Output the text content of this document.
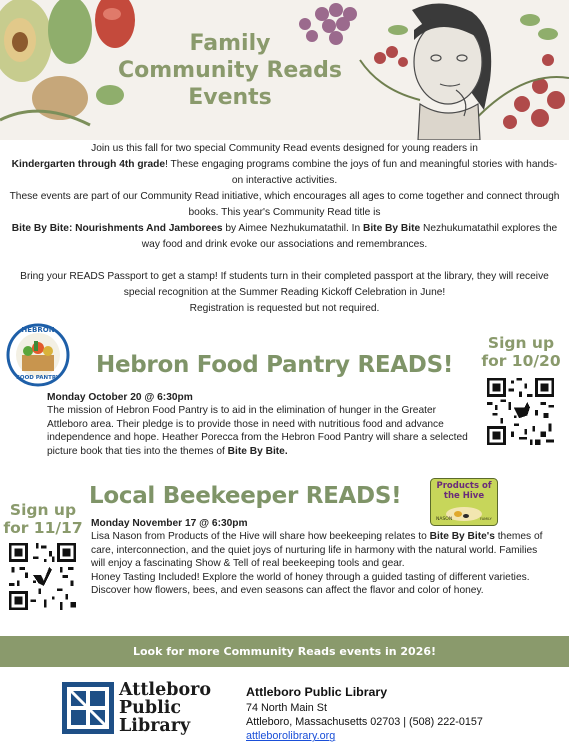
Family
Community Reads
Events

Join us this fall for two special Community Read events designed for young readers in
Kindergarten through 4th grade! These engaging programs combine the joys of fun and meaningful stories with hands-on interactive activities.

These events are part of our Community Read initiative, which encourages all ages to come together and connect through books. This year's Community Read title is
Bite By Bite: Nourishments And Jamborees by Aimee Nezhukumatathil. In Bite By Bite Nezhukumatathil explores the way food and drink evoke our associations and remembrances.

Bring your READS Passport to get a stamp! If students turn in their completed passport at the library, they will receive special recognition at the Summer Reading Kickoff Celebration in June!

Registration is requested but not required.

HEBRON
FOOD PANTRY	Hebron Food Pantry READS!
Sign up
for 10/20
Monday October 20 @ 6:30pm
The mission of Hebron Food Pantry is to aid in the elimination of hunger in the Greater Attleboro area. Their pledge is to provide those in need with nutritious food and advance independence and hope. Heather Porecca from the Hebron Food Pantry will share a selected picture book that ties into the themes of Bite By Bite.
Sign up
for 11/17
Local Beekeeper READS!
NASON	FAMILY
Products of the Hive
Monday November 17 @ 6:30pm
Lisa Nason from Products of the Hive will share how beekeeping relates to Bite By Bite's themes of care, interconnection, and the quiet joys of nurturing life in harmony with the natural world. Families will enjoy a fascinating Show & Tell of real beekeeping tools and gear.
Honey Tasting Included! Explore the world of honey through a guided tasting of different varieties. Discover how flowers, bees, and even seasons can affect the flavor and color of honey.
Look for more Community Reads events in 2026!
Attleboro
Public
Library
Attleboro Public Library
74 North Main St
Attleboro, Massachusetts 02703 | (508) 222-0157
attleborolibrary.org
